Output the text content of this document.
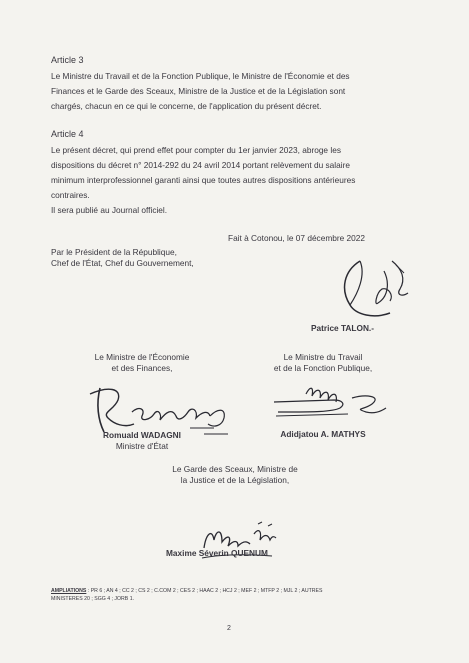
Article 3

Le Ministre du Travail et de la Fonction Publique, le Ministre de l'Économie et des
Finances et le Garde des Sceaux, Ministre de la Justice et de la Législation sont
chargés, chacun en ce qui le concerne, de l'application du présent décret.

Article 4

Le présent décret, qui prend effet pour compter du 1er janvier 2023, abroge les
dispositions du décret n° 2014-292 du 24 avril 2014 portant relèvement du salaire
minimum interprofessionnel garanti ainsi que toutes autres dispositions antérieures
contraires.
Il sera publié au Journal officiel.

Fait à Cotonou, le 07 décembre 2022

Par le Président de la République,

Chef de l'État, Chef du Gouvernement,

Patrice TALON.-

Le Ministre de l'Économie

et des Finances,

Romuald WADAGNI

Ministre d'État

Le Ministre du Travail

et de la Fonction Publique,

Adidjatou A. MATHYS

Le Garde des Sceaux, Ministre de

la Justice et de la Législation,

Maxime Séverin QUENUM

AMPLIATIONS : PR 6 ; AN 4 ; CC 2 ; CS 2 ; C.COM 2 ; CES 2 ; HAAC 2 ; HCJ 2 ; MEF 2 ; MTFP 2 ; MJL 2 ; AUTRES
MINISTERES 20 ; SGG 4 ; JORB 1.

2
